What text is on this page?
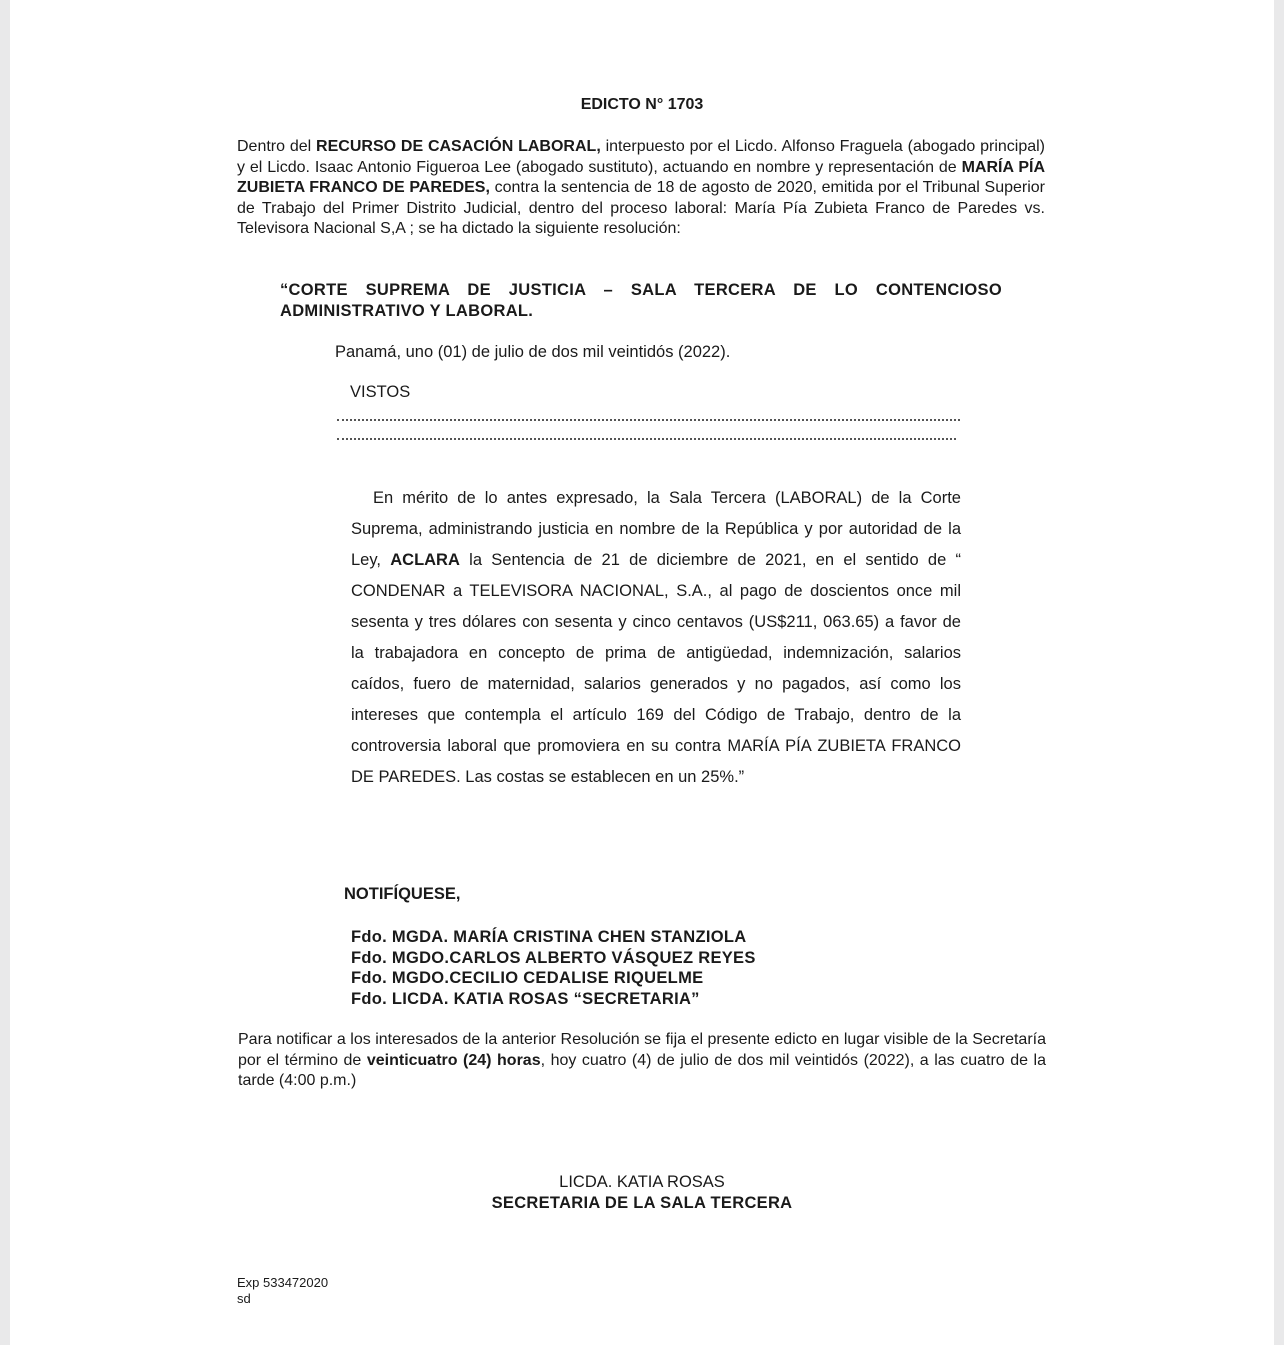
EDICTO N° 1703

Dentro del RECURSO DE CASACIÓN LABORAL, interpuesto por el Licdo. Alfonso Fraguela (abogado principal) y el Licdo. Isaac Antonio Figueroa Lee (abogado sustituto), actuando en nombre y representación de MARÍA PÍA ZUBIETA FRANCO DE PAREDES, contra la sentencia de 18 de agosto de 2020, emitida por el Tribunal Superior de Trabajo del Primer Distrito Judicial, dentro del proceso laboral: María Pía Zubieta Franco de Paredes vs. Televisora Nacional S,A ; se ha dictado la siguiente resolución:

“CORTE SUPREMA DE JUSTICIA – SALA TERCERA DE LO CONTENCIOSO ADMINISTRATIVO Y LABORAL.

Panamá, uno (01) de julio de dos mil veintidós (2022).

VISTOS

En mérito de lo antes expresado, la Sala Tercera (LABORAL) de la Corte Suprema, administrando justicia en nombre de la República y por autoridad de la Ley, ACLARA la Sentencia de 21 de diciembre de 2021, en el sentido de “ CONDENAR a TELEVISORA NACIONAL, S.A., al pago de doscientos once mil sesenta y tres dólares con sesenta y cinco centavos (US$211, 063.65) a favor de la trabajadora en concepto de prima de antigüedad, indemnización, salarios caídos, fuero de maternidad, salarios generados y no pagados, así como los intereses que contempla el artículo 169 del Código de Trabajo, dentro de la controversia laboral que promoviera en su contra MARÍA PÍA ZUBIETA FRANCO DE PAREDES. Las costas se establecen en un 25%.”

NOTIFÍQUESE,

Fdo. MGDA. MARÍA CRISTINA CHEN STANZIOLA
Fdo. MGDO.CARLOS ALBERTO VÁSQUEZ REYES
Fdo. MGDO.CECILIO CEDALISE RIQUELME
Fdo. LICDA. KATIA ROSAS “SECRETARIA”

Para notificar a los interesados de la anterior Resolución se fija el presente edicto en lugar visible de la Secretaría por el término de veinticuatro (24) horas, hoy cuatro (4) de julio de dos mil veintidós (2022), a las cuatro de la tarde (4:00 p.m.)

LICDA. KATIA ROSAS

SECRETARIA DE LA SALA TERCERA

Exp 533472020
sd
